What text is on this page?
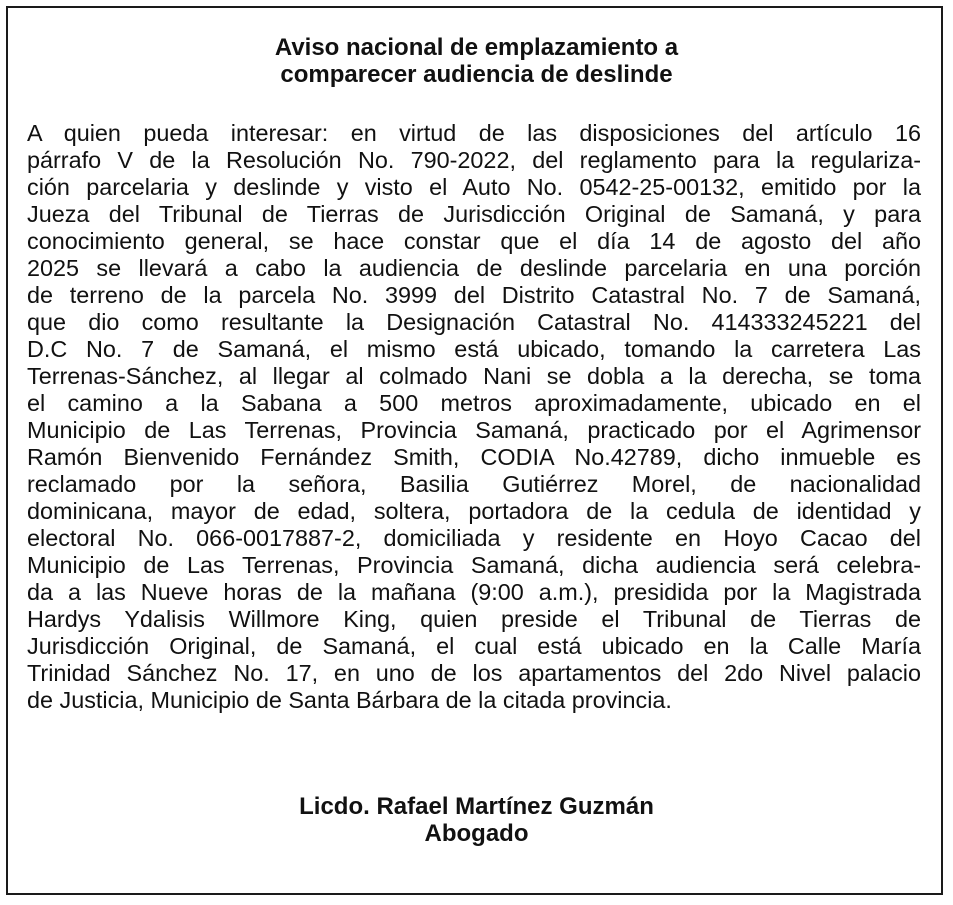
Aviso nacional de emplazamiento a
comparecer audiencia de deslinde
A quien pueda interesar: en virtud de las disposiciones del artículo 16
párrafo V de la Resolución No. 790-2022, del reglamento para la regulariza-
ción parcelaria y deslinde y visto el Auto No. 0542-25-00132, emitido por la
Jueza del Tribunal de Tierras de Jurisdicción Original de Samaná, y para
conocimiento general, se hace constar que el día 14 de agosto del año
2025 se llevará a cabo la audiencia de deslinde parcelaria en una porción
de terreno de la parcela No. 3999 del Distrito Catastral No. 7 de Samaná,
que dio como resultante la Designación Catastral No. 414333245221 del
D.C No. 7 de Samaná, el mismo está ubicado, tomando la carretera Las
Terrenas-Sánchez, al llegar al colmado Nani se dobla a la derecha, se toma
el camino a la Sabana a 500 metros aproximadamente, ubicado en el
Municipio de Las Terrenas, Provincia Samaná, practicado por el Agrimensor
Ramón Bienvenido Fernández Smith, CODIA No.42789, dicho inmueble es
reclamado por la señora, Basilia Gutiérrez Morel, de nacionalidad
dominicana, mayor de edad, soltera, portadora de la cedula de identidad y
electoral No. 066-0017887-2, domiciliada y residente en Hoyo Cacao del
Municipio de Las Terrenas, Provincia Samaná, dicha audiencia será celebra-
da a las Nueve horas de la mañana (9:00 a.m.), presidida por la Magistrada
Hardys Ydalisis Willmore King, quien preside el Tribunal de Tierras de
Jurisdicción Original, de Samaná, el cual está ubicado en la Calle María
Trinidad Sánchez No. 17, en uno de los apartamentos del 2do Nivel palacio
de Justicia, Municipio de Santa Bárbara de la citada provincia.
Licdo. Rafael Martínez Guzmán
Abogado
